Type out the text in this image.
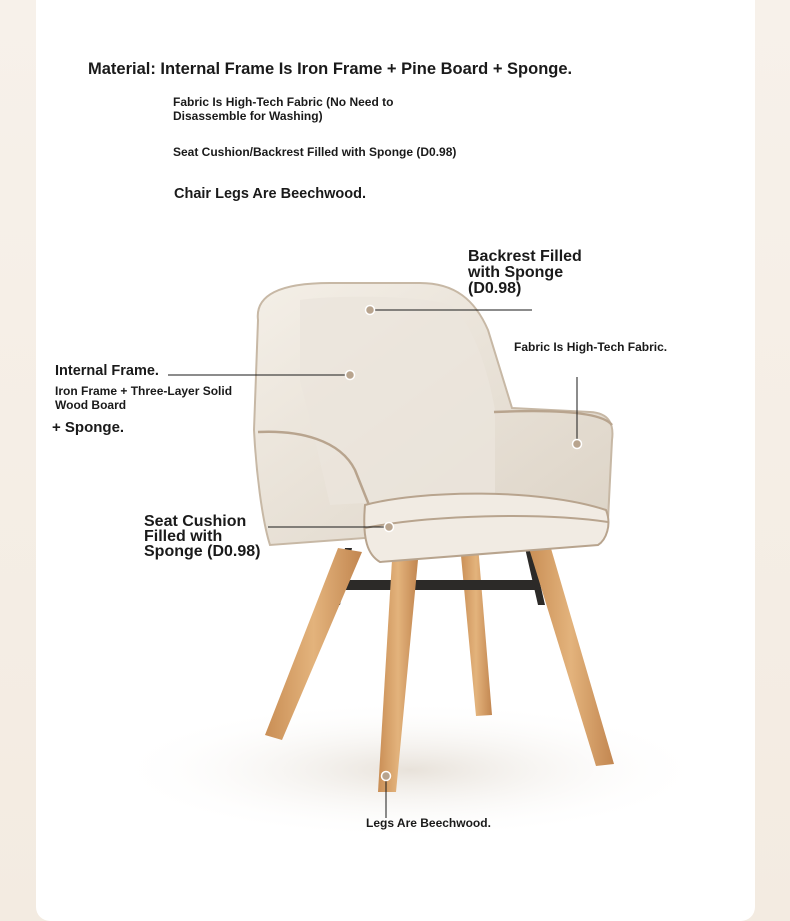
Material: Internal Frame Is Iron Frame + Pine Board + Sponge.

Fabric Is High-Tech Fabric (No Need to Disassemble for Washing)

Seat Cushion/Backrest Filled with Sponge (D0.98)

Chair Legs Are Beechwood.

Backrest Filled with Sponge (D0.98)

Fabric Is High-Tech Fabric.

Internal Frame.

Iron Frame + Three-Layer Solid Wood Board

+ Sponge.

Seat Cushion Filled with Sponge (D0.98)

Legs Are Beechwood.
